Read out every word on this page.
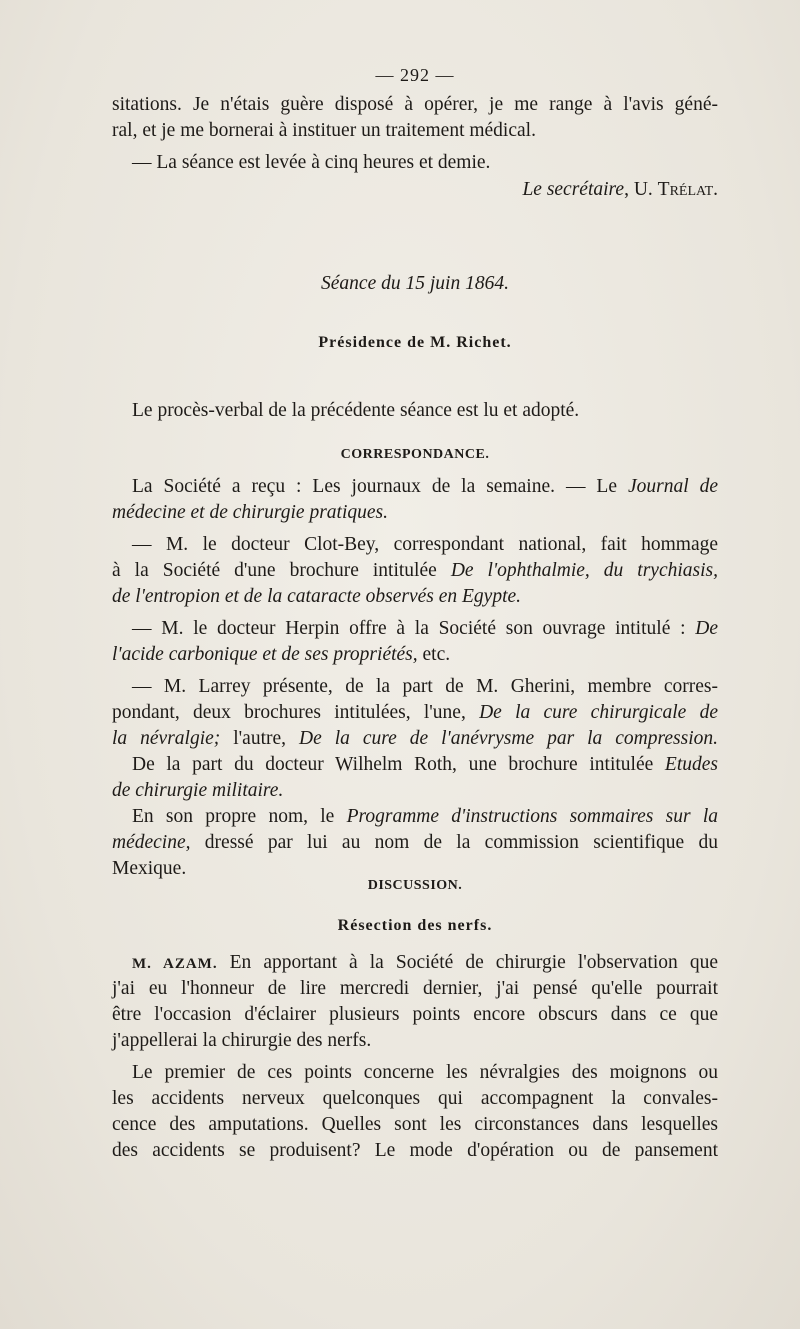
— 292 —
sitations. Je n'étais guère disposé à opérer, je me range à l'avis géné-
ral, et je me bornerai à instituer un traitement médical.
— La séance est levée à cinq heures et demie.
Le secrétaire, U. Trélat.
Séance du 15 juin 1864.
Présidence de M. Richet.
Le procès-verbal de la précédente séance est lu et adopté.
CORRESPONDANCE.
La Société a reçu : Les journaux de la semaine. — Le Journal de
médecine et de chirurgie pratiques.
— M. le docteur Clot-Bey, correspondant national, fait hommage
à la Société d'une brochure intitulée De l'ophthalmie, du trychiasis,
de l'entropion et de la cataracte observés en Egypte.
— M. le docteur Herpin offre à la Société son ouvrage intitulé : De
l'acide carbonique et de ses propriétés, etc.
— M. Larrey présente, de la part de M. Gherini, membre corres-
pondant, deux brochures intitulées, l'une, De la cure chirurgicale de
la névralgie; l'autre, De la cure de l'anévrysme par la compression.
De la part du docteur Wilhelm Roth, une brochure intitulée Etudes
de chirurgie militaire.
En son propre nom, le Programme d'instructions sommaires sur la
médecine, dressé par lui au nom de la commission scientifique du
Mexique.
DISCUSSION.
Résection des nerfs.
M. AZAM. En apportant à la Société de chirurgie l'observation que
j'ai eu l'honneur de lire mercredi dernier, j'ai pensé qu'elle pourrait
être l'occasion d'éclairer plusieurs points encore obscurs dans ce que
j'appellerai la chirurgie des nerfs.
Le premier de ces points concerne les névralgies des moignons ou
les accidents nerveux quelconques qui accompagnent la convales-
cence des amputations. Quelles sont les circonstances dans lesquelles
des accidents se produisent? Le mode d'opération ou de pansement
